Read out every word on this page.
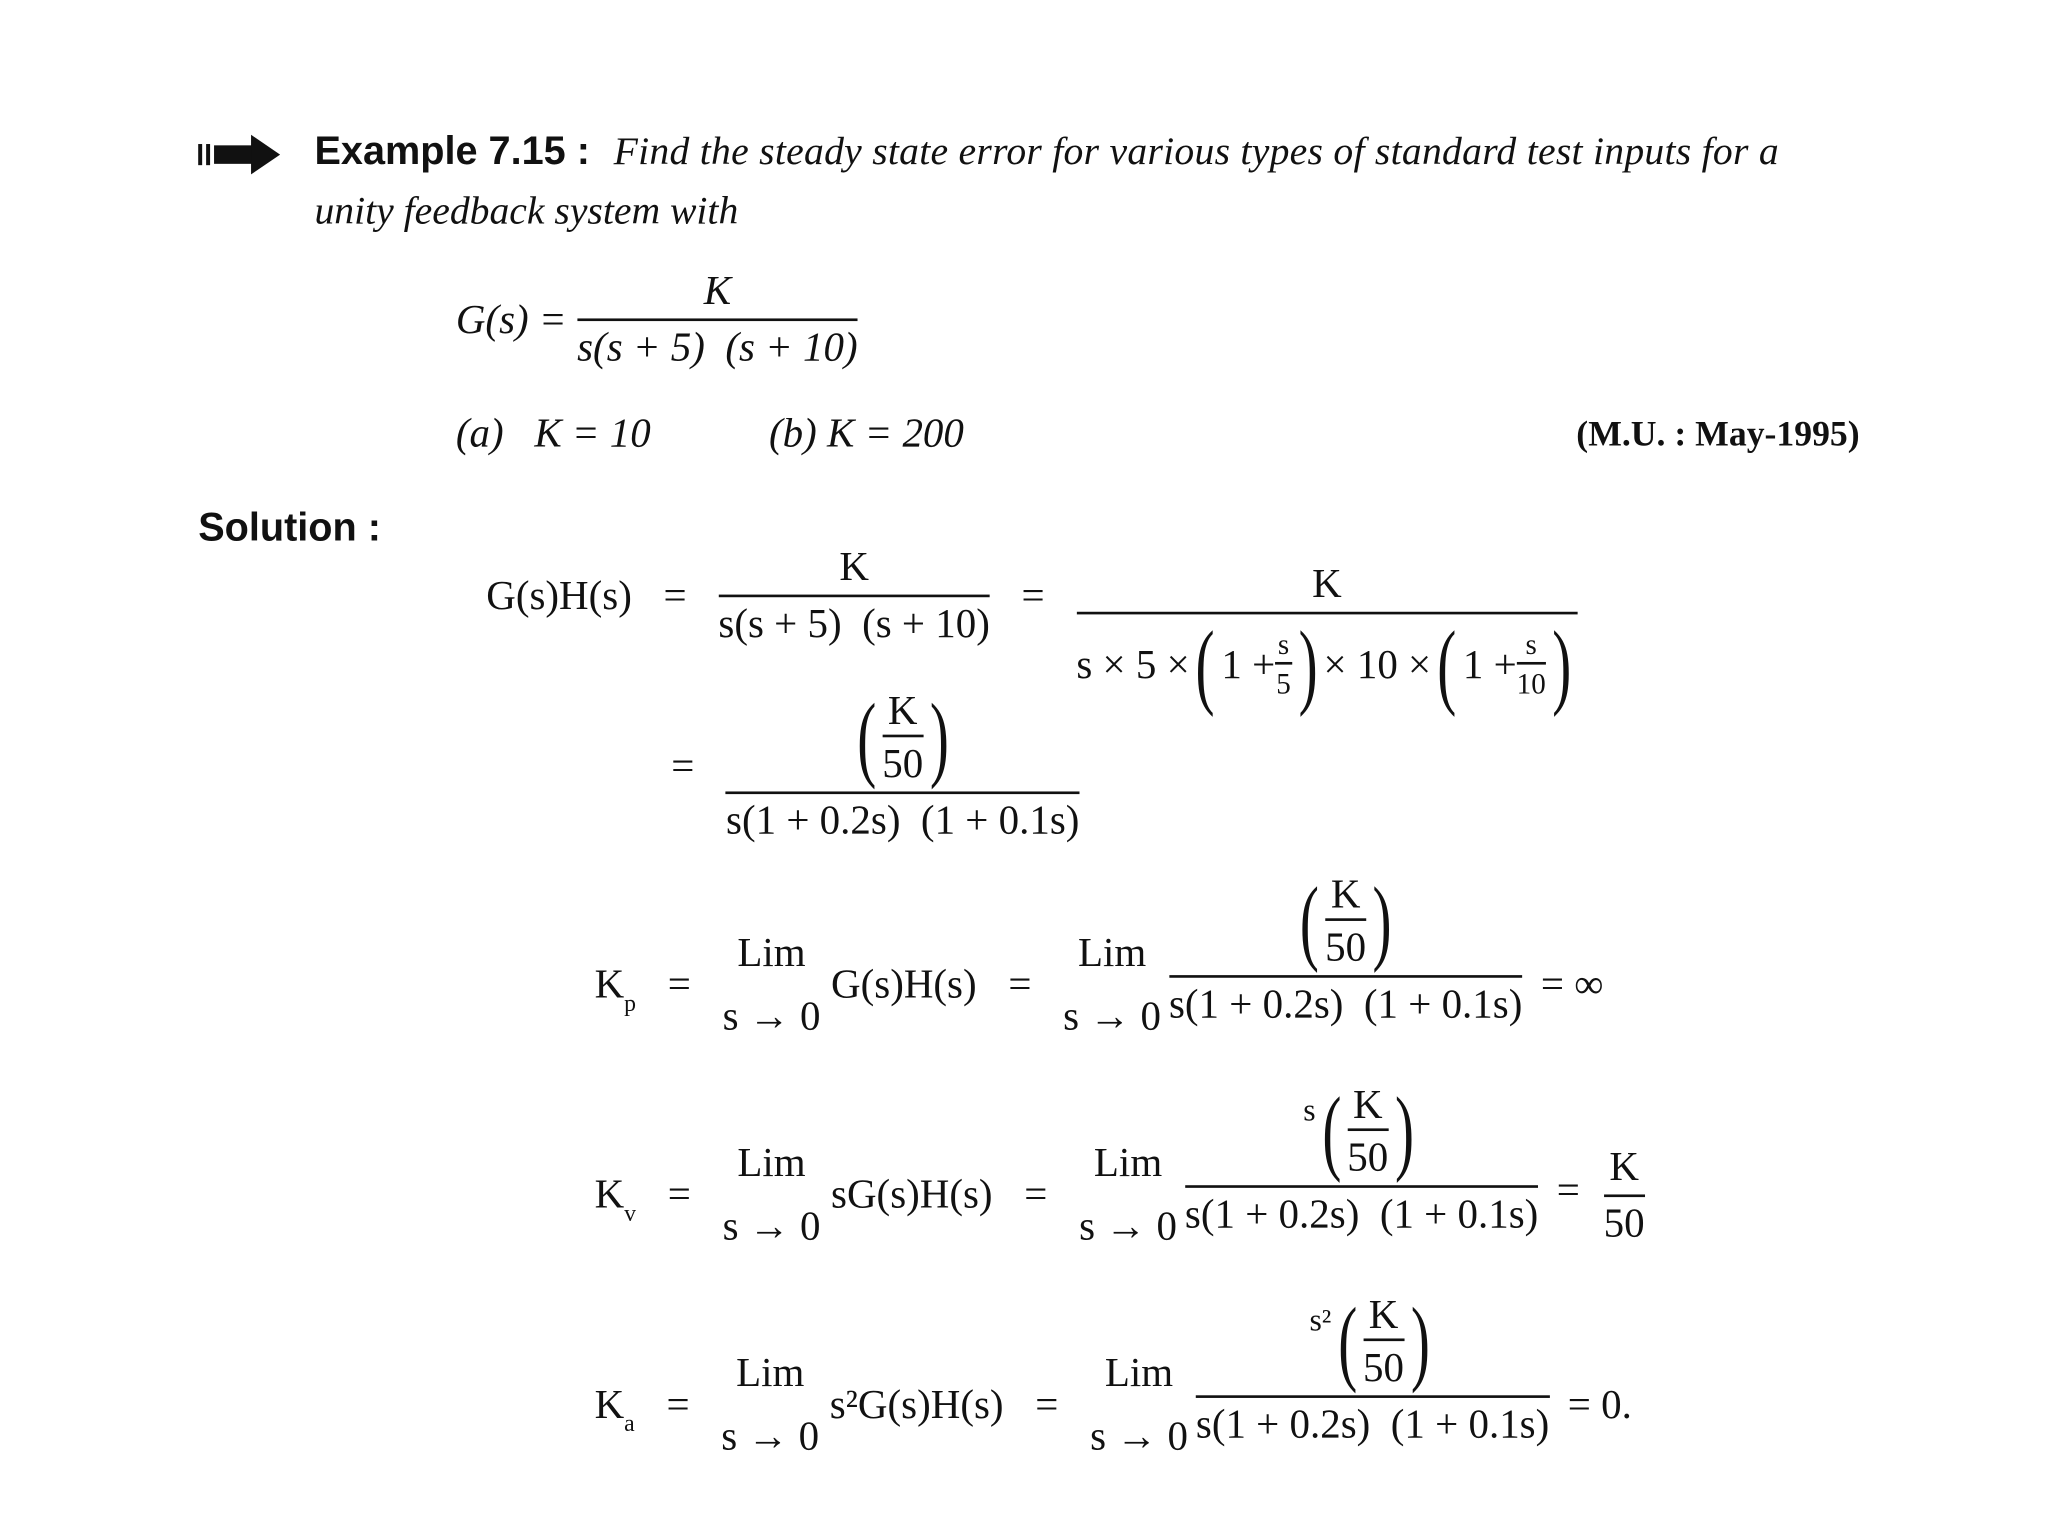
Example 7.15 : Find the steady state error for various types of standard test inputs for a
unity feedback system with
$G(s) = \frac{K}{s(s + 5) (s + 10)}$
(a) K = 10	(b) K = 200	(M.U. : May-1995)
Solution :
$G(s)H(s) = \frac{K}{s(s + 5) (s + 10)}$ =	K
s × 5 × ( $1 + \frac{s}{5}$ ) × 10 × ( $1 + \frac{s}{10}$ )
= $\frac{( \frac{K}{50} )}{s(1 + 0.2s) (1 + 0.1s)}$
$K_p$ =
Lim
s → 0
G(s)H(s) =
Lim
$s \to 0 \frac{( \frac{K}{50} )}{s(1 + 0.2s) (1 + 0.1s)}$ = ∞
$K_v$ =
Lim
s → 0
sG(s)H(s) =
Lim
$s \to 0 \frac{s ( \frac{K}{50} )}{s(1 + 0.2s) (1 + 0.1s)} = \frac{K}{50}$
$K_a$ =
Lim
s → 0
s²G(s)H(s) =
Lim
$s \to 0 \frac{s^2 ( \frac{K}{50} )}{s(1 + 0.2s) (1 + 0.1s)} = 0$.
